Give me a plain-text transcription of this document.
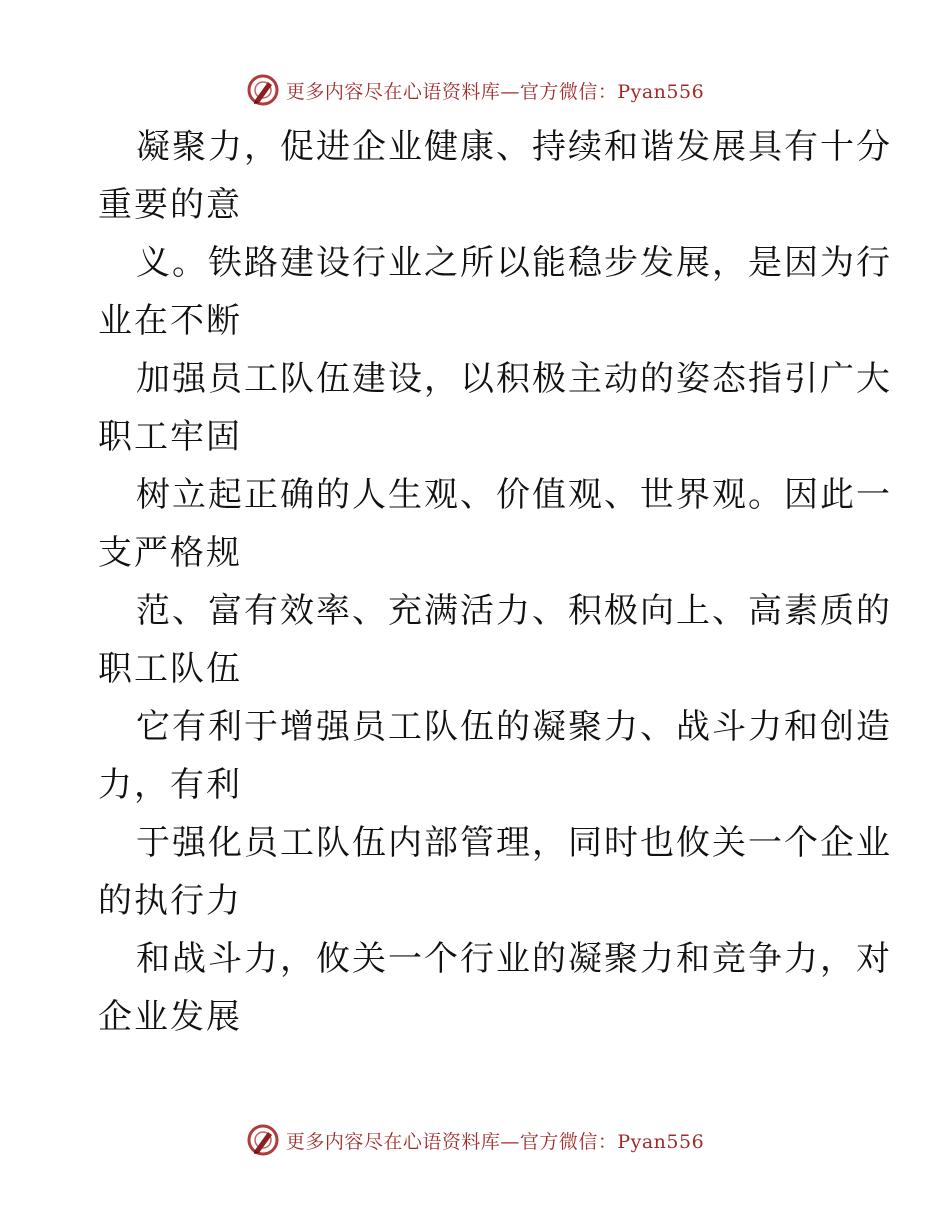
更多内容尽在心语资料库—官方微信：Pyan556

凝聚力，促进企业健康、持续和谐发展具有十分
重要的意

义。铁路建设行业之所以能稳步发展，是因为行
业在不断

加强员工队伍建设，以积极主动的姿态指引广大
职工牢固

树立起正确的人生观、价值观、世界观。因此一
支严格规

范、富有效率、充满活力、积极向上、高素质的
职工队伍

它有利于增强员工队伍的凝聚力、战斗力和创造
力，有利

于强化员工队伍内部管理，同时也攸关一个企业
的执行力

和战斗力，攸关一个行业的凝聚力和竞争力，对
企业发展

更多内容尽在心语资料库—官方微信：Pyan556
